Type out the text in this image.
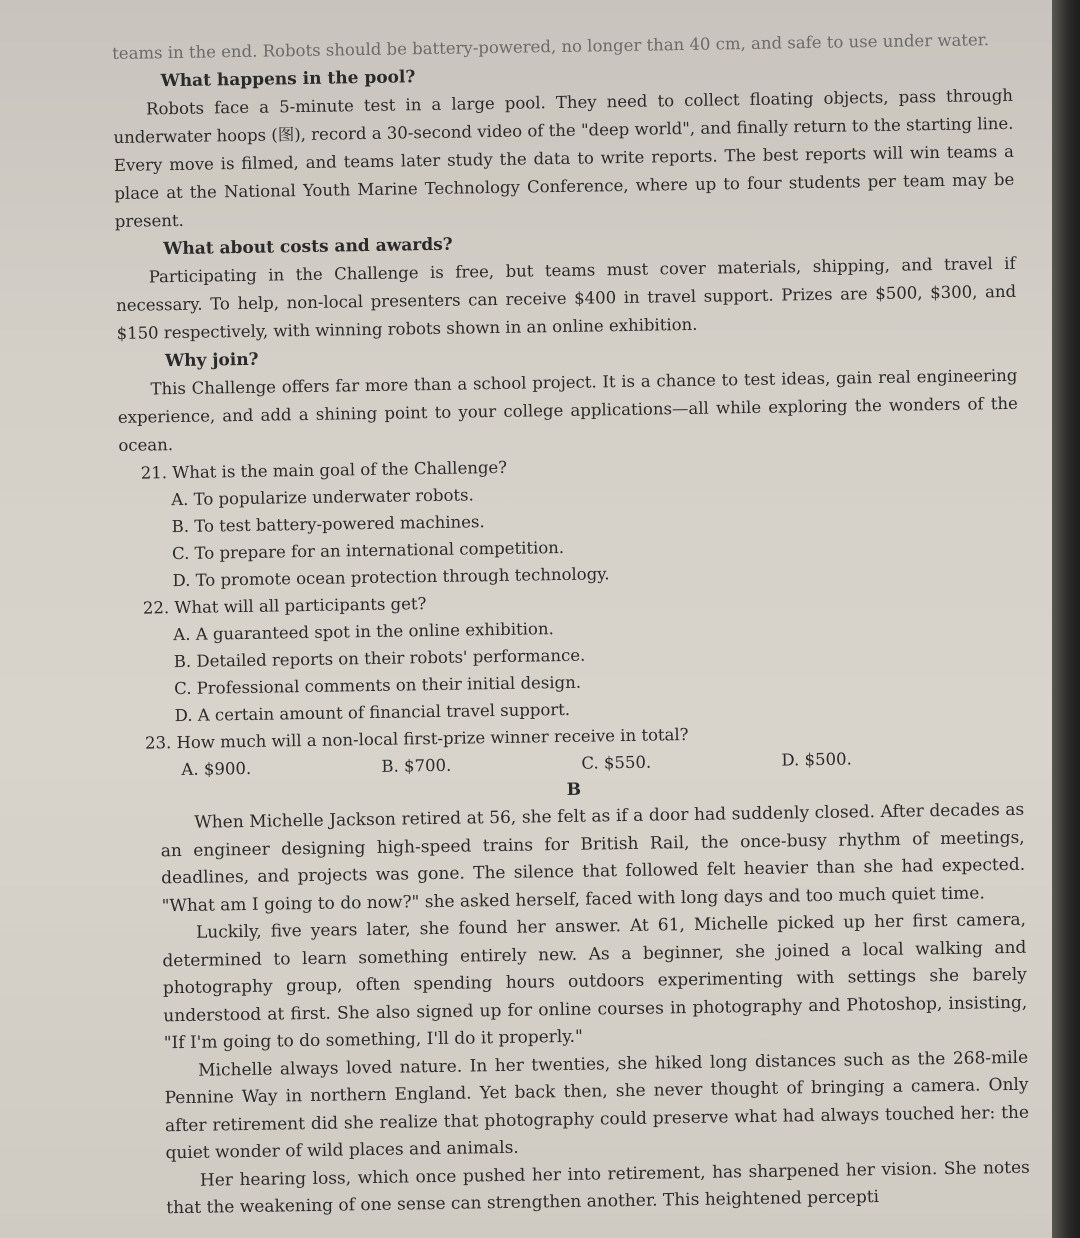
teams in the end. Robots should be battery-powered, no longer than 40 cm, and safe to use under water.

What happens in the pool?

Robots face a 5-minute test in a large pool. They need to collect floating objects, pass through underwater hoops (图), record a 30-second video of the "deep world", and finally return to the starting line. Every move is filmed, and teams later study the data to write reports. The best reports will win teams a place at the National Youth Marine Technology Conference, where up to four students per team may be present.

What about costs and awards?

Participating in the Challenge is free, but teams must cover materials, shipping, and travel if necessary. To help, non-local presenters can receive $400 in travel support. Prizes are $500, $300, and $150 respectively, with winning robots shown in an online exhibition.

Why join?

This Challenge offers far more than a school project. It is a chance to test ideas, gain real engineering experience, and add a shining point to your college applications—all while exploring the wonders of the ocean.

21. What is the main goal of the Challenge?
A. To popularize underwater robots.
B. To test battery-powered machines.
C. To prepare for an international competition.
D. To promote ocean protection through technology.
22. What will all participants get?
A. A guaranteed spot in the online exhibition.
B. Detailed reports on their robots' performance.
C. Professional comments on their initial design.
D. A certain amount of financial travel support.
23. How much will a non-local first-prize winner receive in total?
A. $900.	B. $700.	C. $550.	D. $500.
B

When Michelle Jackson retired at 56, she felt as if a door had suddenly closed. After decades as an engineer designing high-speed trains for British Rail, the once-busy rhythm of meetings, deadlines, and projects was gone. The silence that followed felt heavier than she had expected. "What am I going to do now?" she asked herself, faced with long days and too much quiet time.

Luckily, five years later, she found her answer. At 61, Michelle picked up her first camera, determined to learn something entirely new. As a beginner, she joined a local walking and photography group, often spending hours outdoors experimenting with settings she barely understood at first. She also signed up for online courses in photography and Photoshop, insisting, "If I'm going to do something, I'll do it properly."

Michelle always loved nature. In her twenties, she hiked long distances such as the 268-mile Pennine Way in northern England. Yet back then, she never thought of bringing a camera. Only after retirement did she realize that photography could preserve what had always touched her: the quiet wonder of wild places and animals.

Her hearing loss, which once pushed her into retirement, has sharpened her vision. She notes that the weakening of one sense can strengthen another. This heightened percepti
